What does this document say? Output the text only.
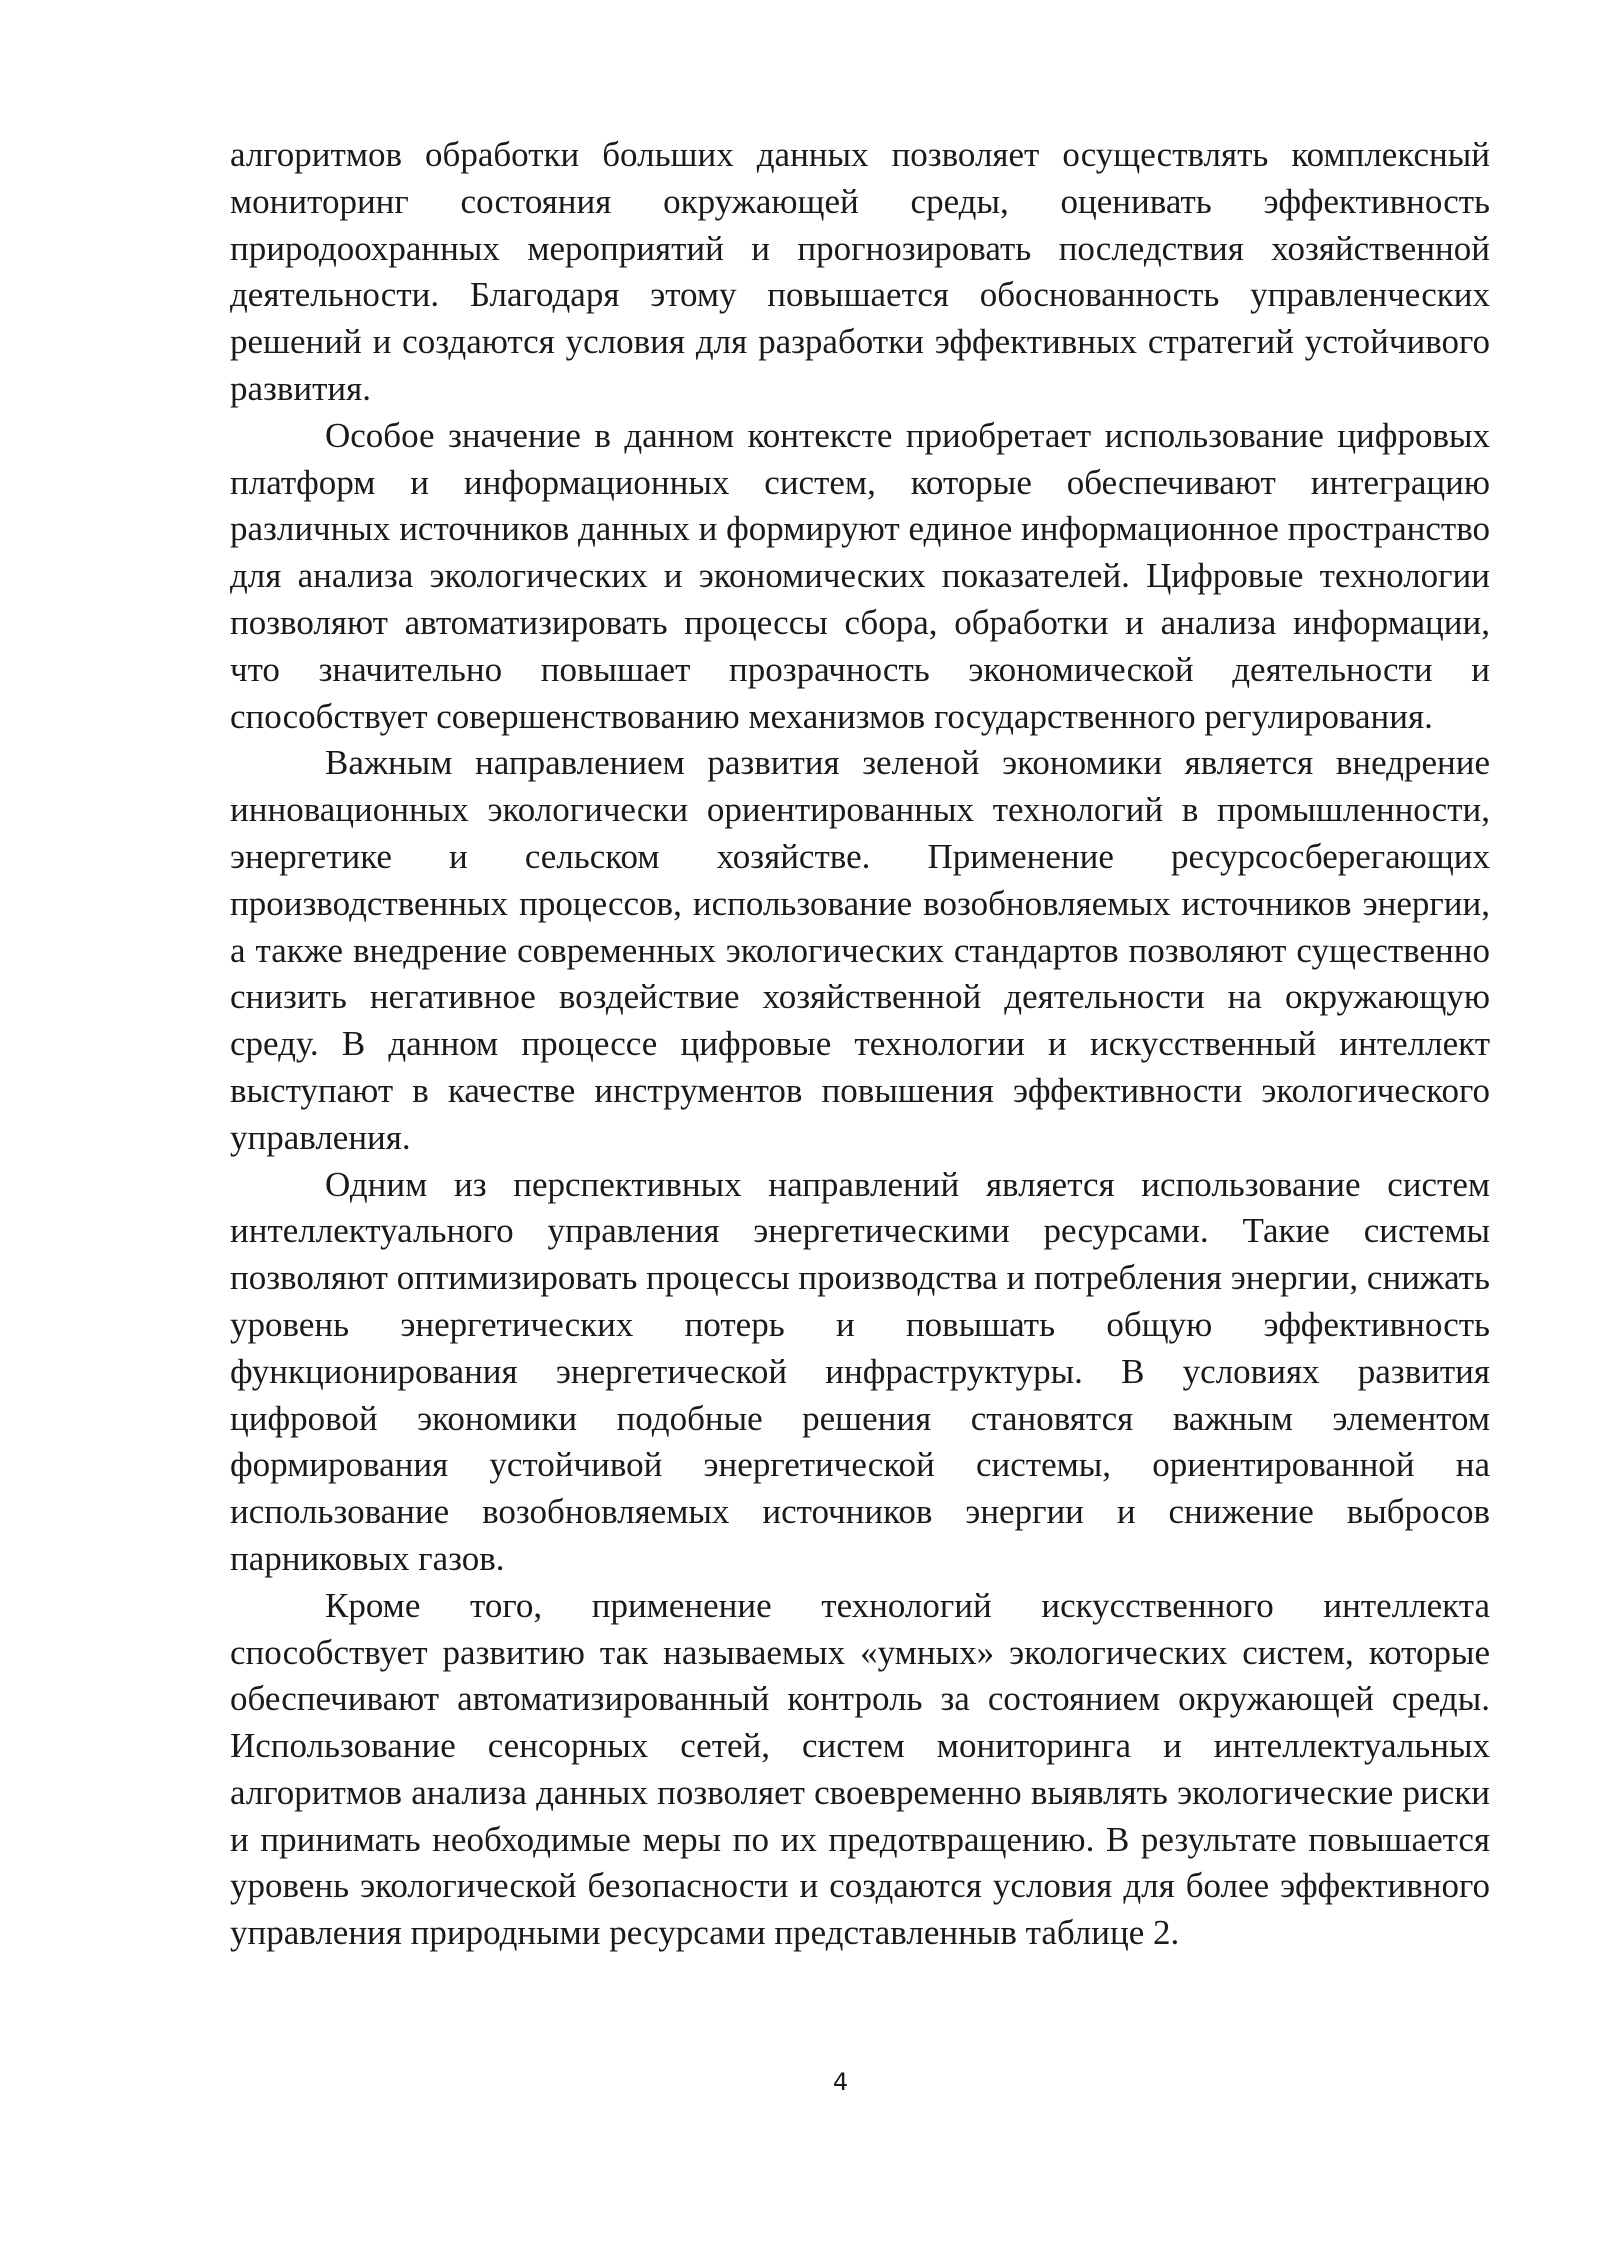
алгоритмов обработки больших данных позволяет осуществлять комплексный мониторинг состояния окружающей среды, оценивать эффективность природоохранных мероприятий и прогнозировать последствия хозяйственной деятельности. Благодаря этому повышается обоснованность управленческих решений и создаются условия для разработки эффективных стратегий устойчивого развития.

Особое значение в данном контексте приобретает использование цифровых платформ и информационных систем, которые обеспечивают интеграцию различных источников данных и формируют единое информационное пространство для анализа экологических и экономических показателей. Цифровые технологии позволяют автоматизировать процессы сбора, обработки и анализа информации, что значительно повышает прозрачность экономической деятельности и способствует совершенствованию механизмов государственного регулирования.

Важным направлением развития зеленой экономики является внедрение инновационных экологически ориентированных технологий в промышленности, энергетике и сельском хозяйстве. Применение ресурсосберегающих производственных процессов, использование возобновляемых источников энергии, а также внедрение современных экологических стандартов позволяют существенно снизить негативное воздействие хозяйственной деятельности на окружающую среду. В данном процессе цифровые технологии и искусственный интеллект выступают в качестве инструментов повышения эффективности экологического управления.

Одним из перспективных направлений является использование систем интеллектуального управления энергетическими ресурсами. Такие системы позволяют оптимизировать процессы производства и потребления энергии, снижать уровень энергетических потерь и повышать общую эффективность функционирования энергетической инфраструктуры. В условиях развития цифровой экономики подобные решения становятся важным элементом формирования устойчивой энергетической системы, ориентированной на использование возобновляемых источников энергии и снижение выбросов парниковых газов.

Кроме того, применение технологий искусственного интеллекта способствует развитию так называемых «умных» экологических систем, которые обеспечивают автоматизированный контроль за состоянием окружающей среды. Использование сенсорных сетей, систем мониторинга и интеллектуальных алгоритмов анализа данных позволяет своевременно выявлять экологические риски и принимать необходимые меры по их предотвращению. В результате повышается уровень экологической безопасности и создаются условия для более эффективного управления природными ресурсами представленныв таблице 2.

4
